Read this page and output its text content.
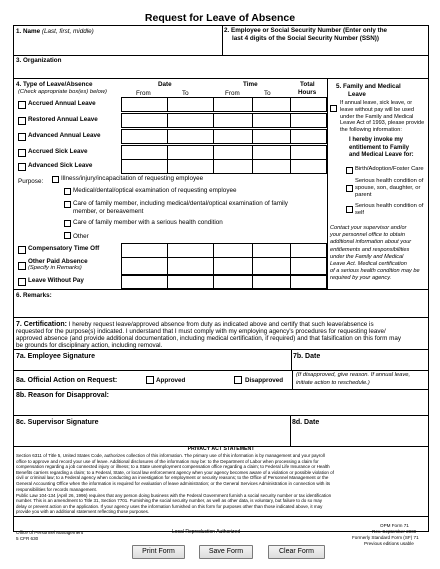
Request for Leave of Absence
1. Name (Last, first, middle)	2. Employee or Social Security Number (Enter only the
last 4 digits of the Social Security Number (SSN))
3. Organization
4. Type of Leave/Absence
(Check appropriate box(es) below)
Date
From	To
Time
From	To
Total
Hours
Accrued Annual Leave
Restored Annual Leave
Advanced Annual Leave
Accrued Sick Leave
Advanced Sick Leave
Purpose:	Illness/injury/incapacitation of requesting employee
Medical/dental/optical examination of requesting employee
Care of family member, including medical/dental/optical examination of family
member, or bereavement
Care of family member with a serious health condition
Other
Compensatory Time Off
Other Paid Absence
(Specify in Remarks)
Leave Without Pay
5. Family and Medical
Leave
If annual leave, sick leave, or
leave without pay will be used
under the Family and Medical
Leave Act of 1993, please provide
the following information:
I hereby invoke my
entitlement to Family
and Medical Leave for:
Birth/Adoption/Foster Care
Serious health condition of
spouse, son, daughter, or
parent
Serious health condition of
self
Contact your supervisor and/or
your personnel office to obtain
additional information about your
entitlements and responsibilities
under the Family and Medical
Leave Act. Medical certification
of a serious health condition may be
required by your agency.
6. Remarks:
7. Certification: I hereby request leave/approved absence from duty as indicated above and certify that such leave/absence is
requested for the purpose(s) indicated. I understand that I must comply with my employing agency's procedures for requesting leave/
approved absence (and provide additional documentation, including medical certification, if required) and that falsification on this form may
be grounds for disciplinary action, including removal.
7a. Employee Signature	7b. Date
8a. Official Action on Request:	Approved	Disapproved
(If disapproved, give reason. If annual leave,
initiate action to reschedule.)
8b. Reason for Disapproval:
8c. Supervisor Signature	8d. Date
PRIVACY ACT STATEMENT
Section 6311 of Title 5, United States Code, authorizes collection of this information. The primary use of this information is by management and your payroll
office to approve and record your use of leave. Additional disclosures of the information may be: to the Department of Labor when processing a claim for
compensation regarding a job connected injury or illness; to a State unemployment compensation office regarding a claim; to Federal Life Insurance or Health
Benefits carriers regarding a claim; to a Federal, State, or local law enforcement agency when your agency becomes aware of a violation or possible violation of
civil or criminal law; to a Federal agency when conducting an investigation for employment or security reasons; to the Office of Personnel Management or the
General Accounting Office when the information is required for evaluation of leave administration; or the General Services Administration in connection with its
responsibilities for records management.
Public Law 104-134 (April 26, 1996) requires that any person doing business with the Federal Government furnish a social security number or tax identification
number. This is an amendment to Title 31, Section 7701. Furnishing the social security number, as well as other data, is voluntary, but failure to do so may
delay or prevent action on the application. If your agency uses the information furnished on this form for purposes other than those indicated above, it may
provide you with an additional statement reflecting those purposes.
Office of Personnel Management
5 CFR 630
Local Reproduction Authorized
OPM Form 71
Rev. September 2009
Formerly Standard Form (SF) 71
Previous editions usable
Print Form	Save Form	Clear Form
